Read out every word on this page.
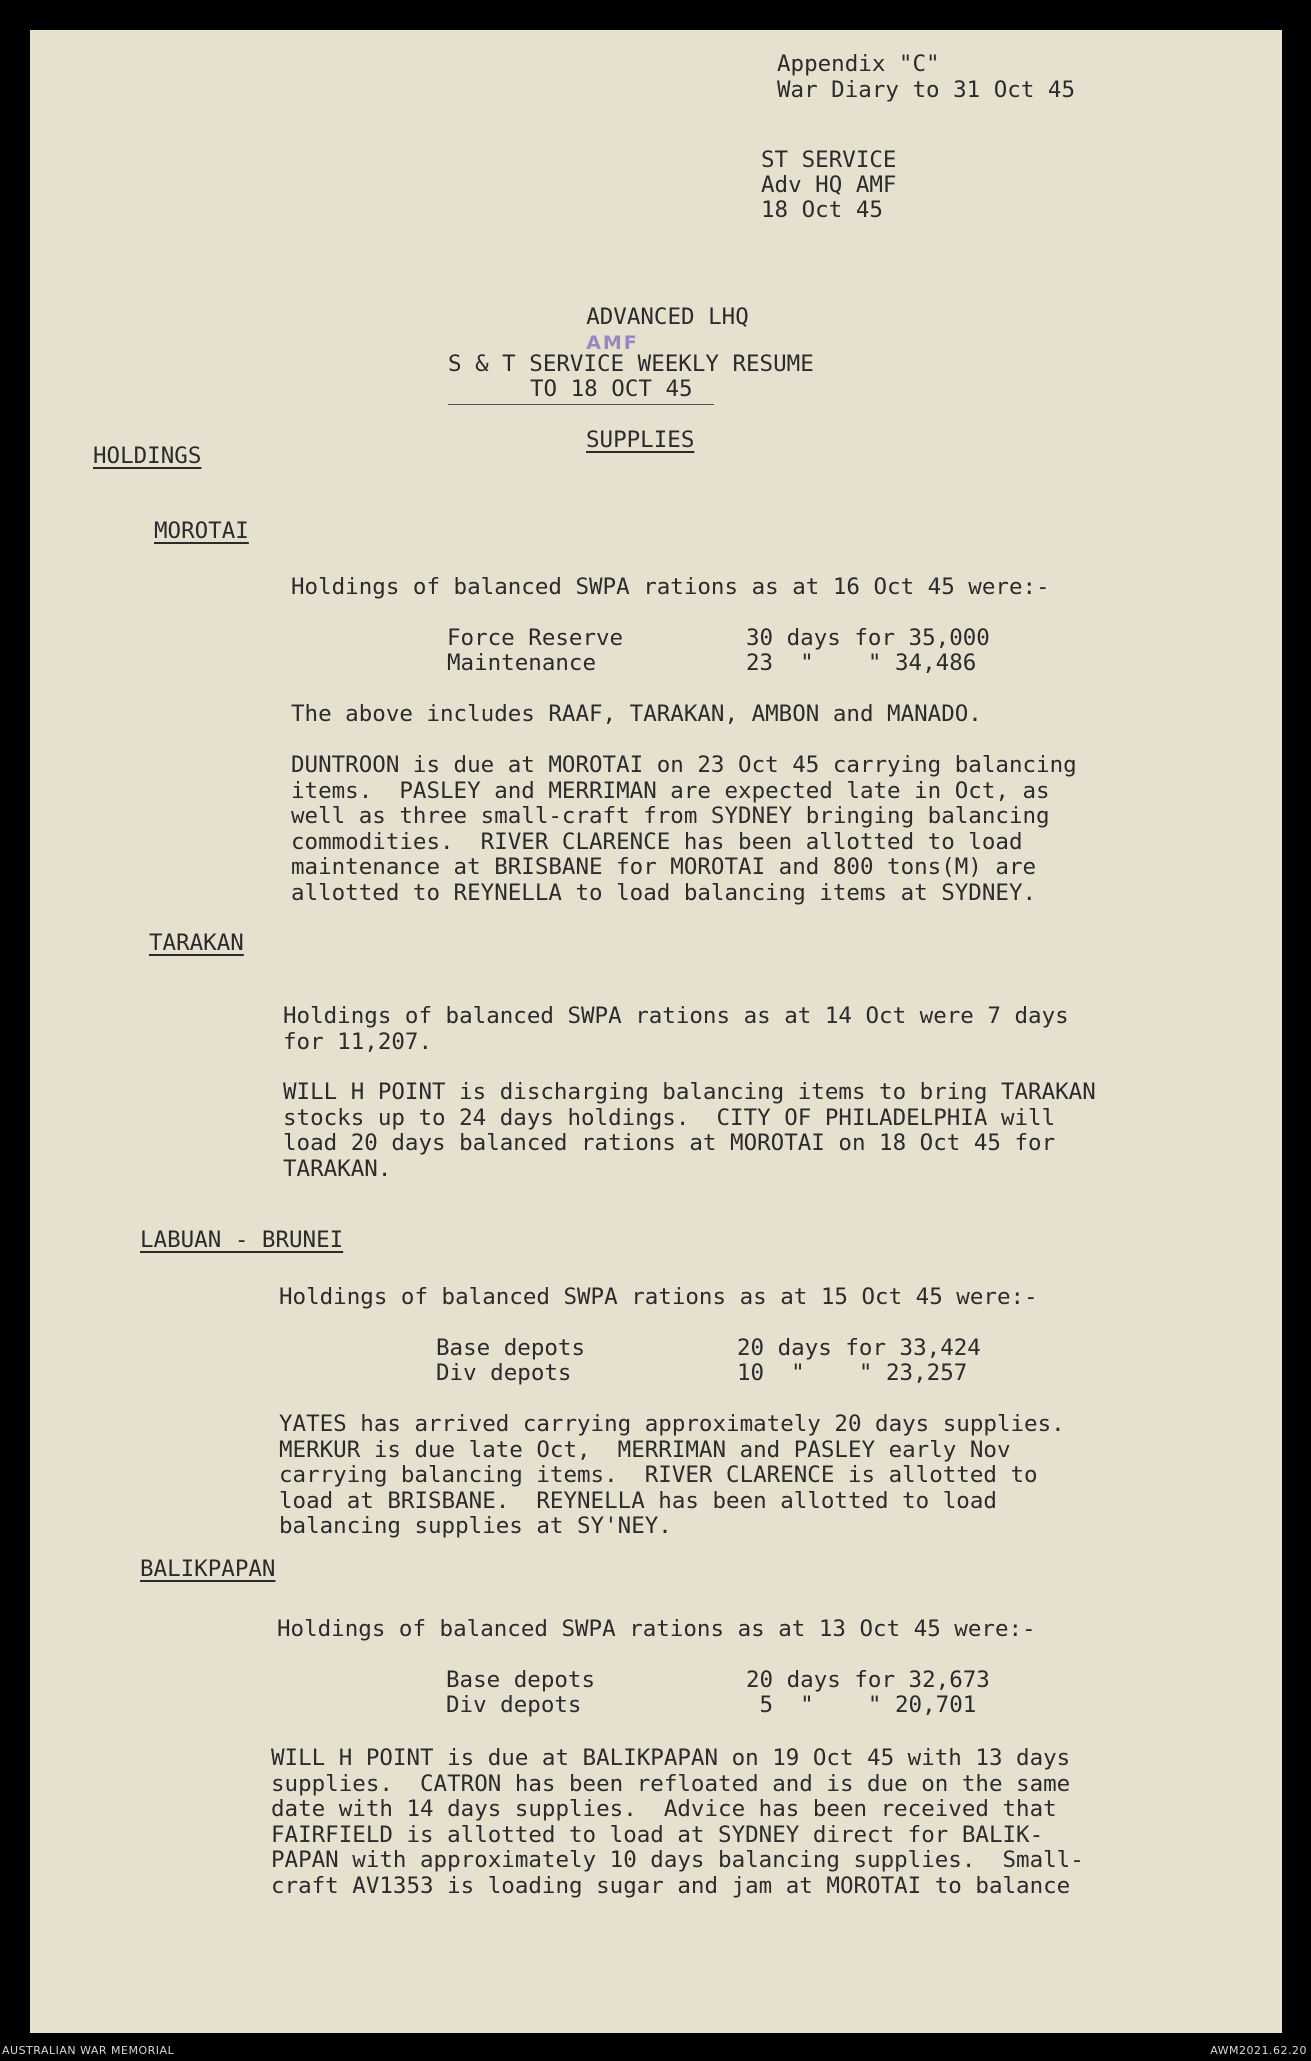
Appendix "C"
War Diary to 31 Oct 45
ST SERVICE
Adv HQ AMF
18 Oct 45

ADVANCED LHQ
AMF

S & T SERVICE WEEKLY RESUME
TO 18 OCT 45
SUPPLIES
HOLDINGS
MOROTAI
Holdings of balanced SWPA rations as at 16 Oct 45 were:-
Force Reserve	30 days for 35,000
Maintenance	23  "    " 34,486
The above includes RAAF, TARAKAN, AMBON and MANADO.
DUNTROON is due at MOROTAI on 23 Oct 45 carrying balancing
items.  PASLEY and MERRIMAN are expected late in Oct, as
well as three small-craft from SYDNEY bringing balancing
commodities.  RIVER CLARENCE has been allotted to load
maintenance at BRISBANE for MOROTAI and 800 tons(M) are
allotted to REYNELLA to load balancing items at SYDNEY.
TARAKAN
Holdings of balanced SWPA rations as at 14 Oct were 7 days
for 11,207.
WILL H POINT is discharging balancing items to bring TARAKAN
stocks up to 24 days holdings.  CITY OF PHILADELPHIA will
load 20 days balanced rations at MOROTAI on 18 Oct 45 for
TARAKAN.
LABUAN - BRUNEI
Holdings of balanced SWPA rations as at 15 Oct 45 were:-
Base depots	20 days for 33,424
Div depots	10  "    " 23,257
YATES has arrived carrying approximately 20 days supplies.
MERKUR is due late Oct,  MERRIMAN and PASLEY early Nov
carrying balancing items.  RIVER CLARENCE is allotted to
load at BRISBANE.  REYNELLA has been allotted to load
balancing supplies at SY'NEY.
BALIKPAPAN
Holdings of balanced SWPA rations as at 13 Oct 45 were:-
Base depots	20 days for 32,673
Div depots	5  "    " 20,701
WILL H POINT is due at BALIKPAPAN on 19 Oct 45 with 13 days
supplies.  CATRON has been refloated and is due on the same
date with 14 days supplies.  Advice has been received that
FAIRFIELD is allotted to load at SYDNEY direct for BALIK-
PAPAN with approximately 10 days balancing supplies.  Small-
craft AV1353 is loading sugar and jam at MOROTAI to balance
AUSTRALIAN WAR MEMORIAL	AWM2021.62.20
